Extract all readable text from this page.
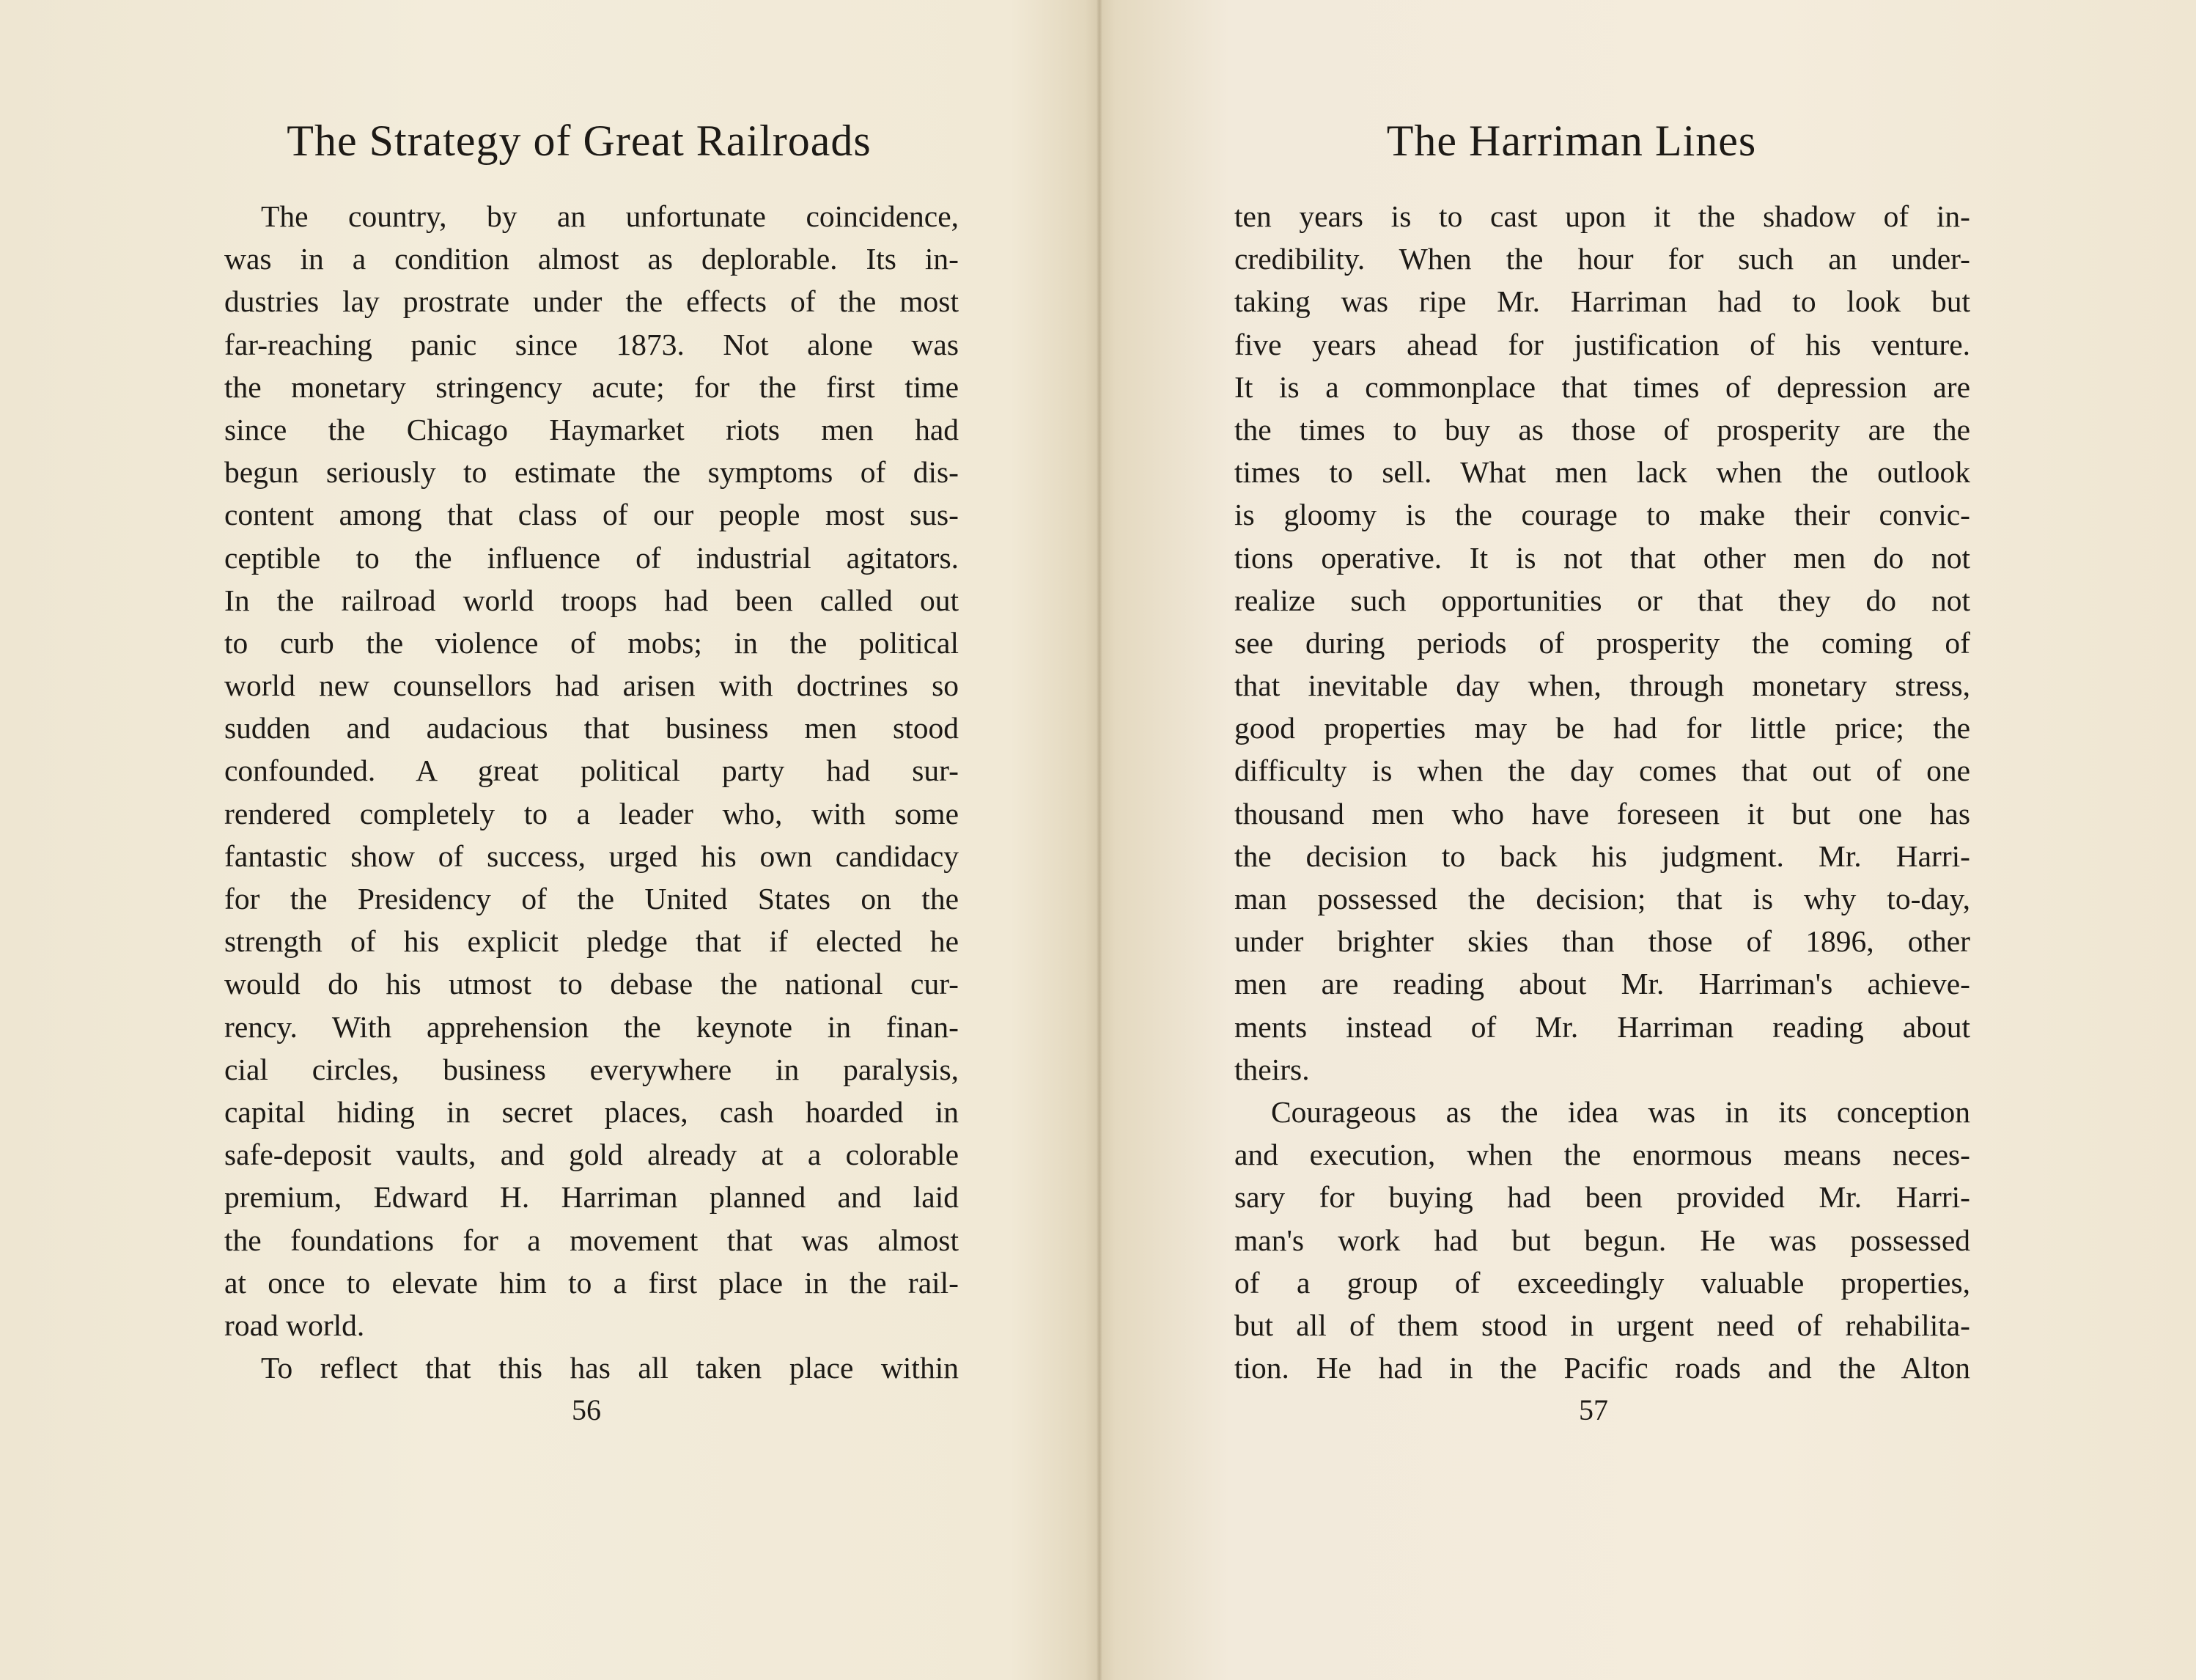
The Strategy of Great Railroads
The country, by an unfortunate coincidence,
was in a condition almost as deplorable. Its in-
dustries lay prostrate under the effects of the most
far-reaching panic since 1873. Not alone was
the monetary stringency acute; for the first time
since the Chicago Haymarket riots men had
begun seriously to estimate the symptoms of dis-
content among that class of our people most sus-
ceptible to the influence of industrial agitators.
In the railroad world troops had been called out
to curb the violence of mobs; in the political
world new counsellors had arisen with doctrines so
sudden and audacious that business men stood
confounded. A great political party had sur-
rendered completely to a leader who, with some
fantastic show of success, urged his own candidacy
for the Presidency of the United States on the
strength of his explicit pledge that if elected he
would do his utmost to debase the national cur-
rency. With apprehension the keynote in finan-
cial circles, business everywhere in paralysis,
capital hiding in secret places, cash hoarded in
safe-deposit vaults, and gold already at a colorable
premium, Edward H. Harriman planned and laid
the foundations for a movement that was almost
at once to elevate him to a first place in the rail-
road world.
To reflect that this has all taken place within
56
The Harriman Lines
ten years is to cast upon it the shadow of in-
credibility. When the hour for such an under-
taking was ripe Mr. Harriman had to look but
five years ahead for justification of his venture.
It is a commonplace that times of depression are
the times to buy as those of prosperity are the
times to sell. What men lack when the outlook
is gloomy is the courage to make their convic-
tions operative. It is not that other men do not
realize such opportunities or that they do not
see during periods of prosperity the coming of
that inevitable day when, through monetary stress,
good properties may be had for little price; the
difficulty is when the day comes that out of one
thousand men who have foreseen it but one has
the decision to back his judgment. Mr. Harri-
man possessed the decision; that is why to-day,
under brighter skies than those of 1896, other
men are reading about Mr. Harriman's achieve-
ments instead of Mr. Harriman reading about
theirs.
Courageous as the idea was in its conception
and execution, when the enormous means neces-
sary for buying had been provided Mr. Harri-
man's work had but begun. He was possessed
of a group of exceedingly valuable properties,
but all of them stood in urgent need of rehabilita-
tion. He had in the Pacific roads and the Alton
57
